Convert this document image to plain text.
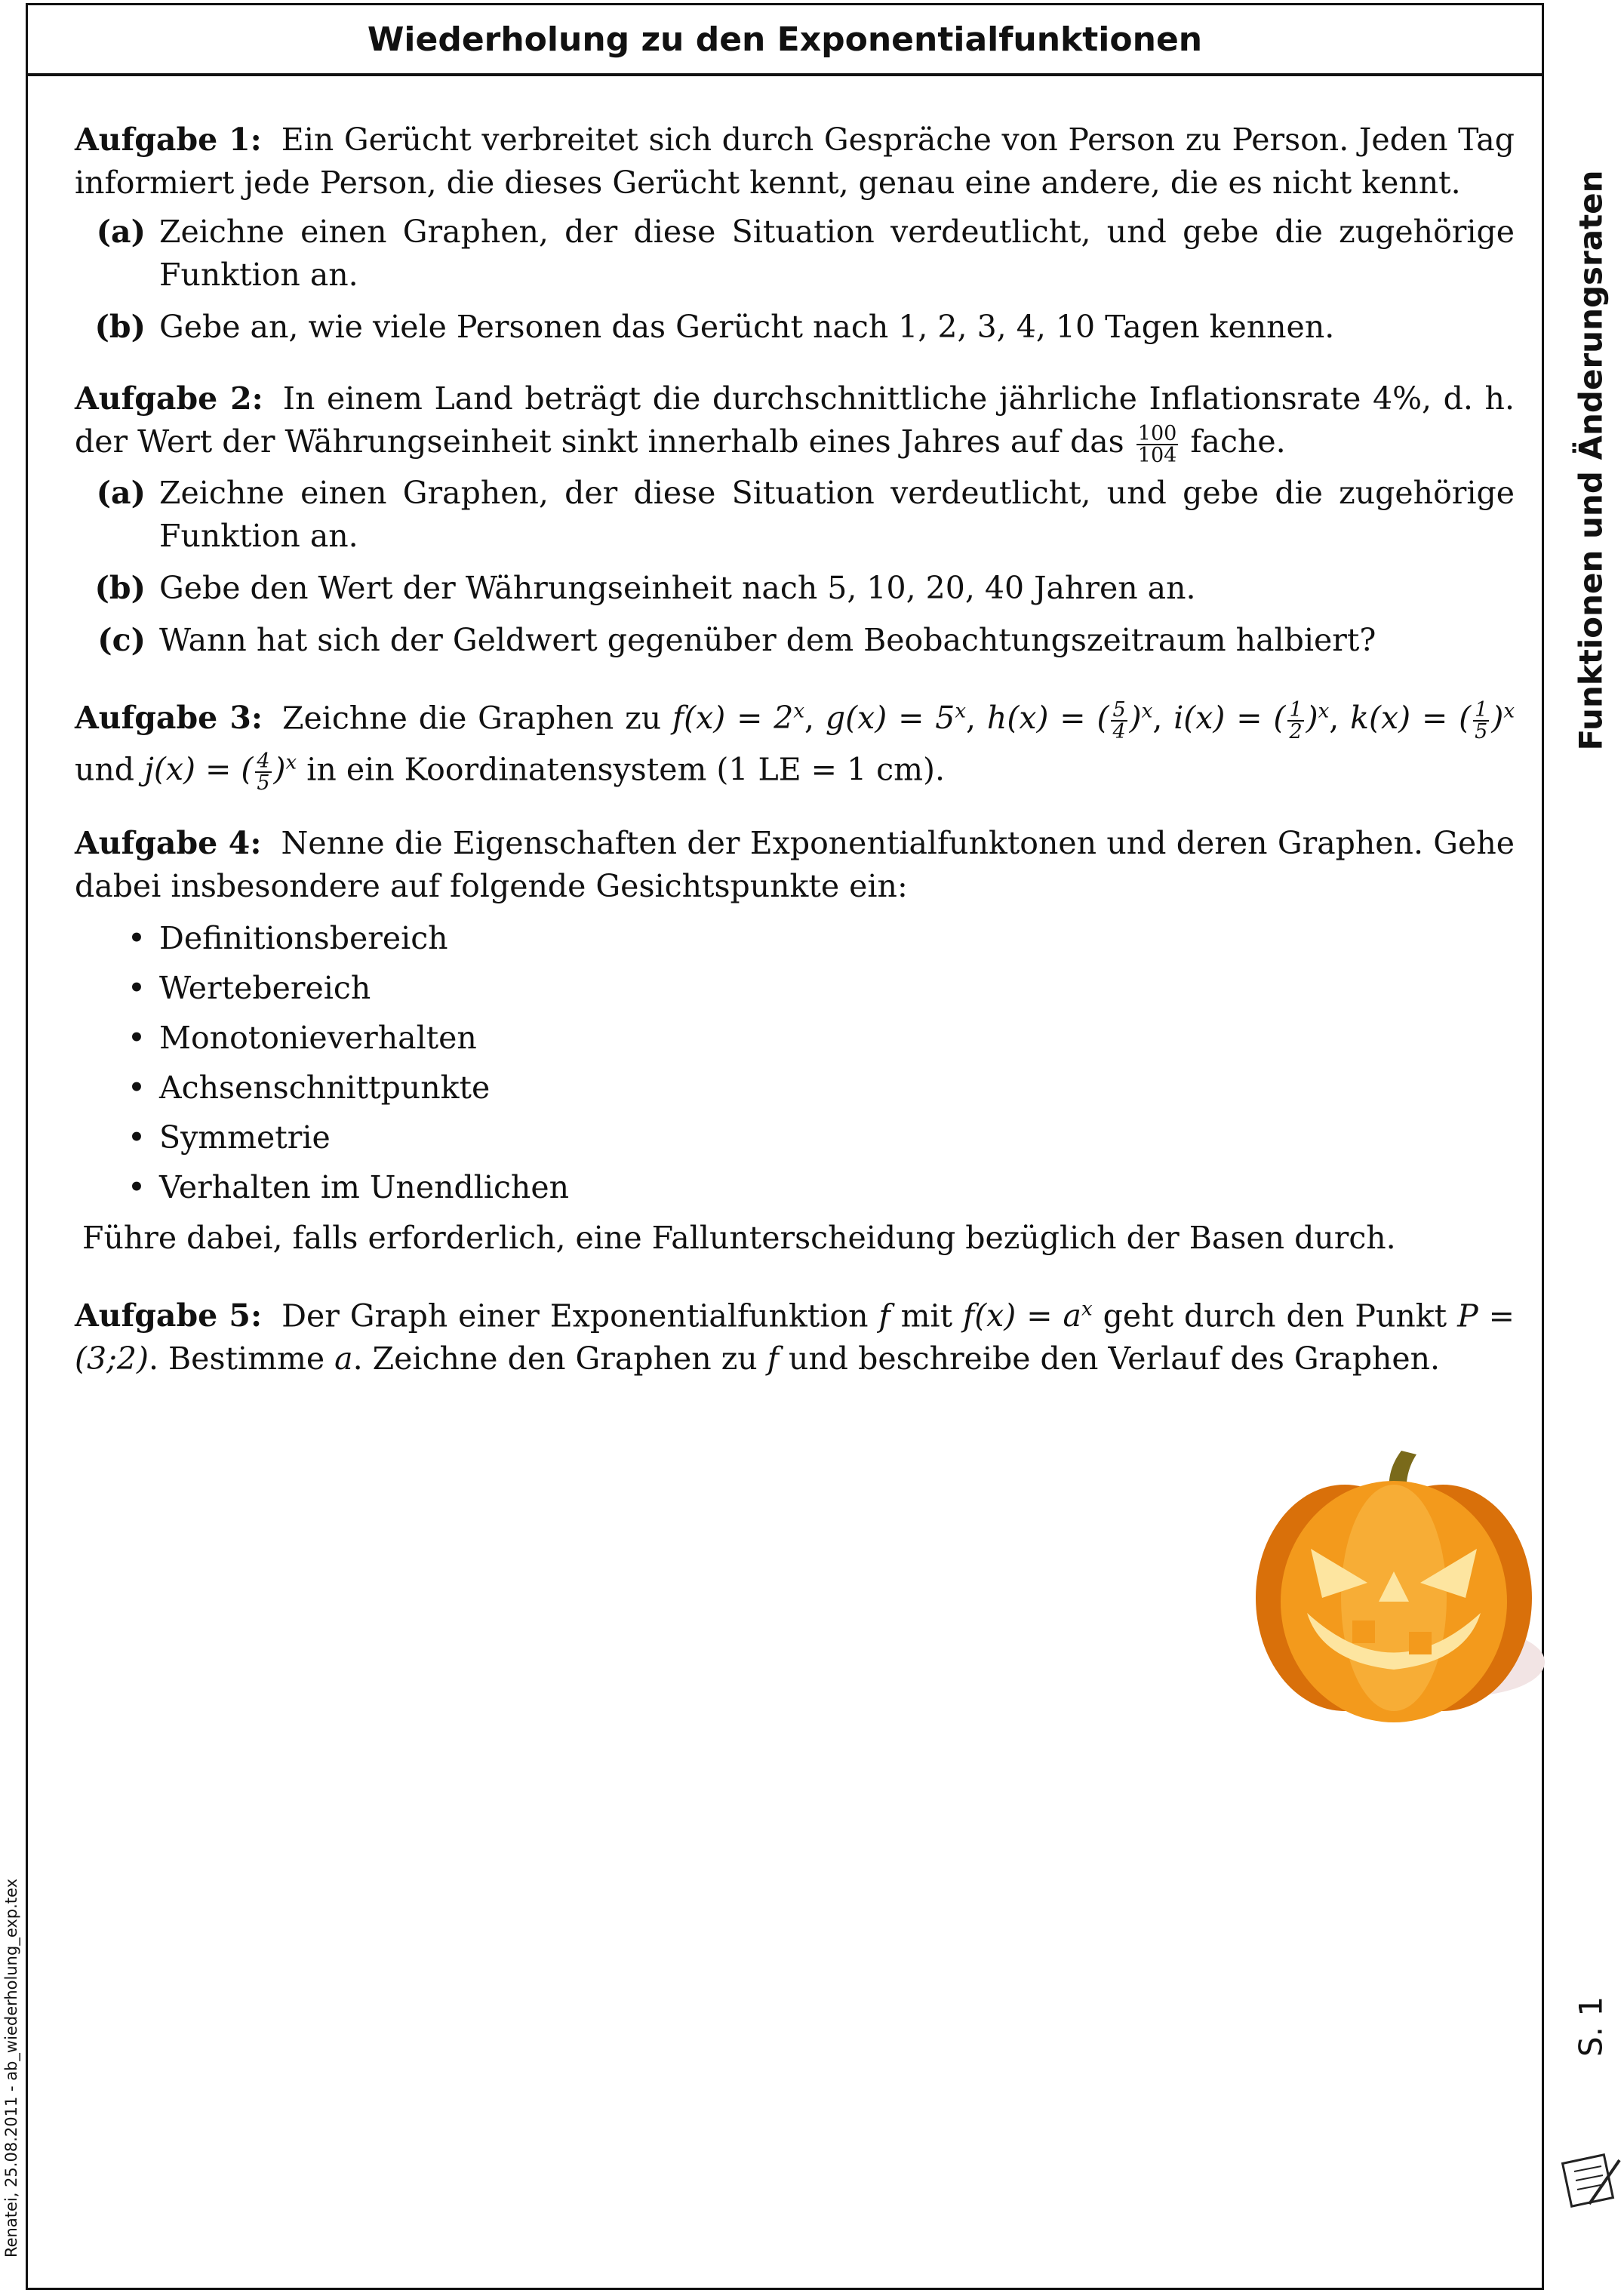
Wiederholung zu den Exponentialfunktionen

Aufgabe 1: Ein Gerücht verbreitet sich durch Gespräche von Person zu Person. Jeden Tag informiert jede Person, die dieses Gerücht kennt, genau eine andere, die es nicht kennt.

(a) Zeichne einen Graphen, der diese Situation verdeutlicht, und gebe die zugehörige Funktion an.
(b) Gebe an, wie viele Personen das Gerücht nach 1, 2, 3, 4, 10 Tagen kennen.

Aufgabe 2: In einem Land beträgt die durchschnittliche jährliche Inflationsrate 4%, d. h. der Wert der Währungseinheit sinkt innerhalb eines Jahres auf das $\frac{100}{104}$ fache.

(a) Zeichne einen Graphen, der diese Situation verdeutlicht, und gebe die zugehörige Funktion an.
(b) Gebe den Wert der Währungseinheit nach 5, 10, 20, 40 Jahren an.
(c) Wann hat sich der Geldwert gegenüber dem Beobachtungszeitraum halbiert?

Aufgabe 3: Zeichne die Graphen zu $f(x) = 2^x$, $g(x) = 5^x$, h(x) = ( $\frac{5}{4} )^x$, i(x) = ( $\frac{1}{2} )^x$, k(x) = ( $\frac{1}{5} )^x$ und j(x) = ( $\frac{4}{5} )^x$ in ein Koordinatensystem (1 LE = 1 cm).

Aufgabe 4: Nenne die Eigenschaften der Exponentialfunktonen und deren Graphen. Gehe dabei insbesondere auf folgende Gesichtspunkte ein:

• Definitionsbereich
• Wertebereich
• Monotonieverhalten
• Achsenschnittpunkte
• Symmetrie
• Verhalten im Unendlichen

Führe dabei, falls erforderlich, eine Fallunterscheidung bezüglich der Basen durch.

Aufgabe 5: Der Graph einer Exponentialfunktion f mit $f(x) = a^x$ geht durch den Punkt P = (3;2). Bestimme a. Zeichne den Graphen zu f und beschreibe den Verlauf des Graphen.

Funktionen und Änderungsraten
S. 1
Renatei, 25.08.2011 - ab_wiederholung_exp.tex
